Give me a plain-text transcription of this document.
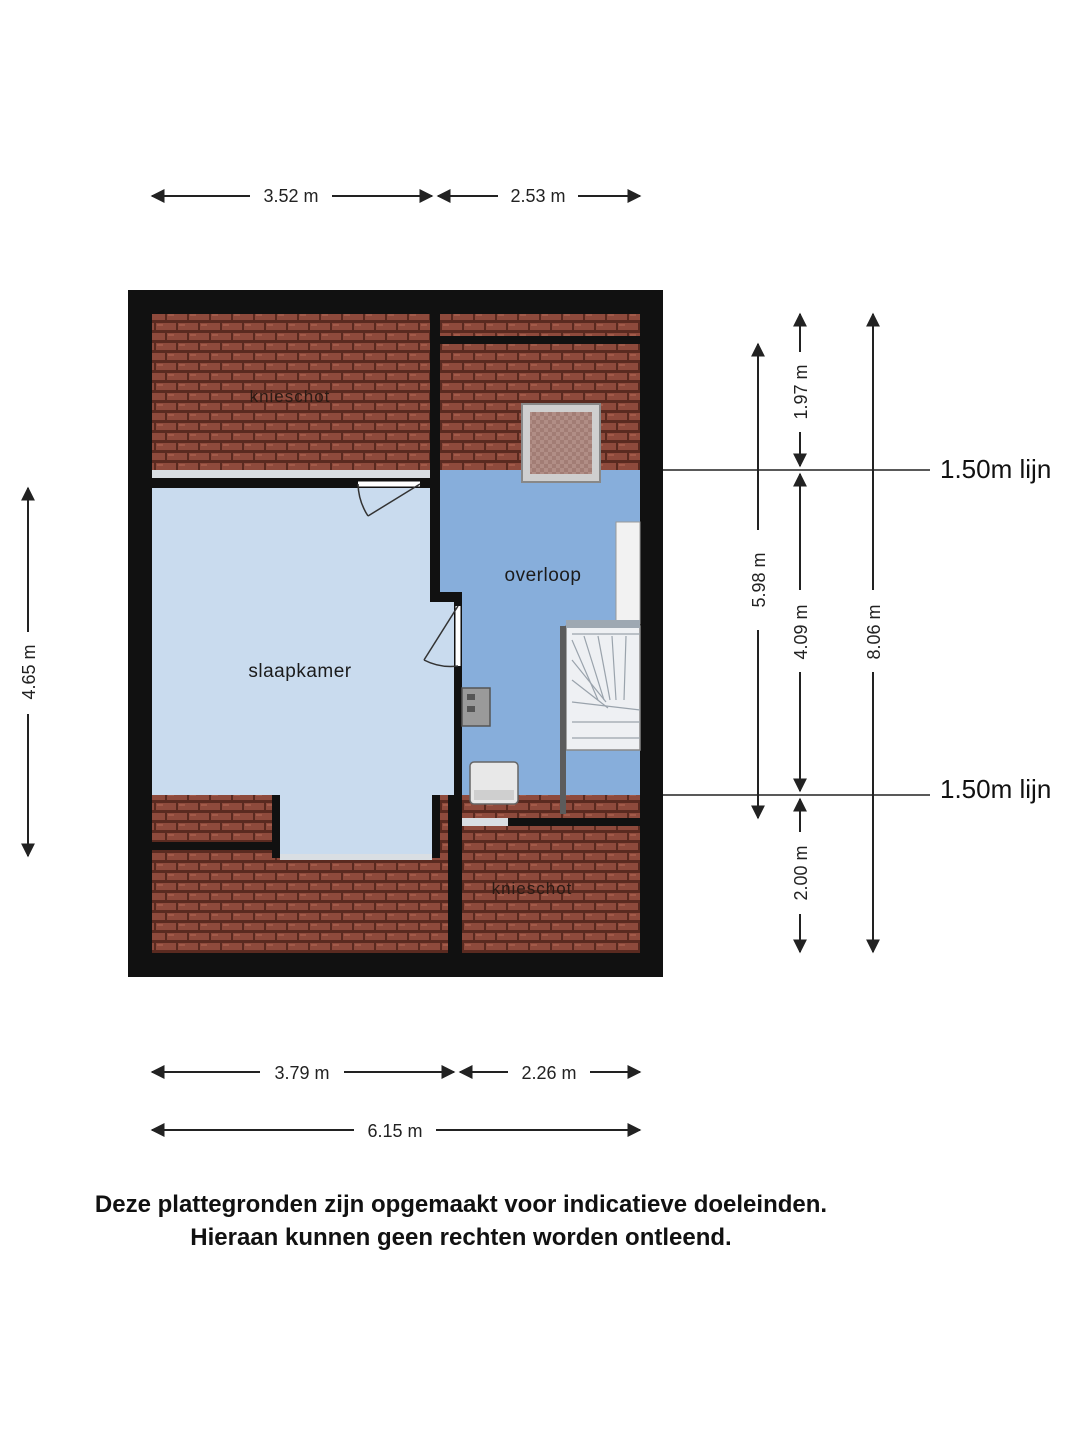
3.52 m	2.53 m
knieschot
overloop
slaapkamer
knieschot
1.50m lijn
1.50m lijn
4.65 m
5.98 m
1.97 m
4.09 m
2.00 m
8.06 m
3.79 m	2.26 m
6.15 m
Deze plattegronden zijn opgemaakt voor indicatieve doeleinden.
Hieraan kunnen geen rechten worden ontleend.
